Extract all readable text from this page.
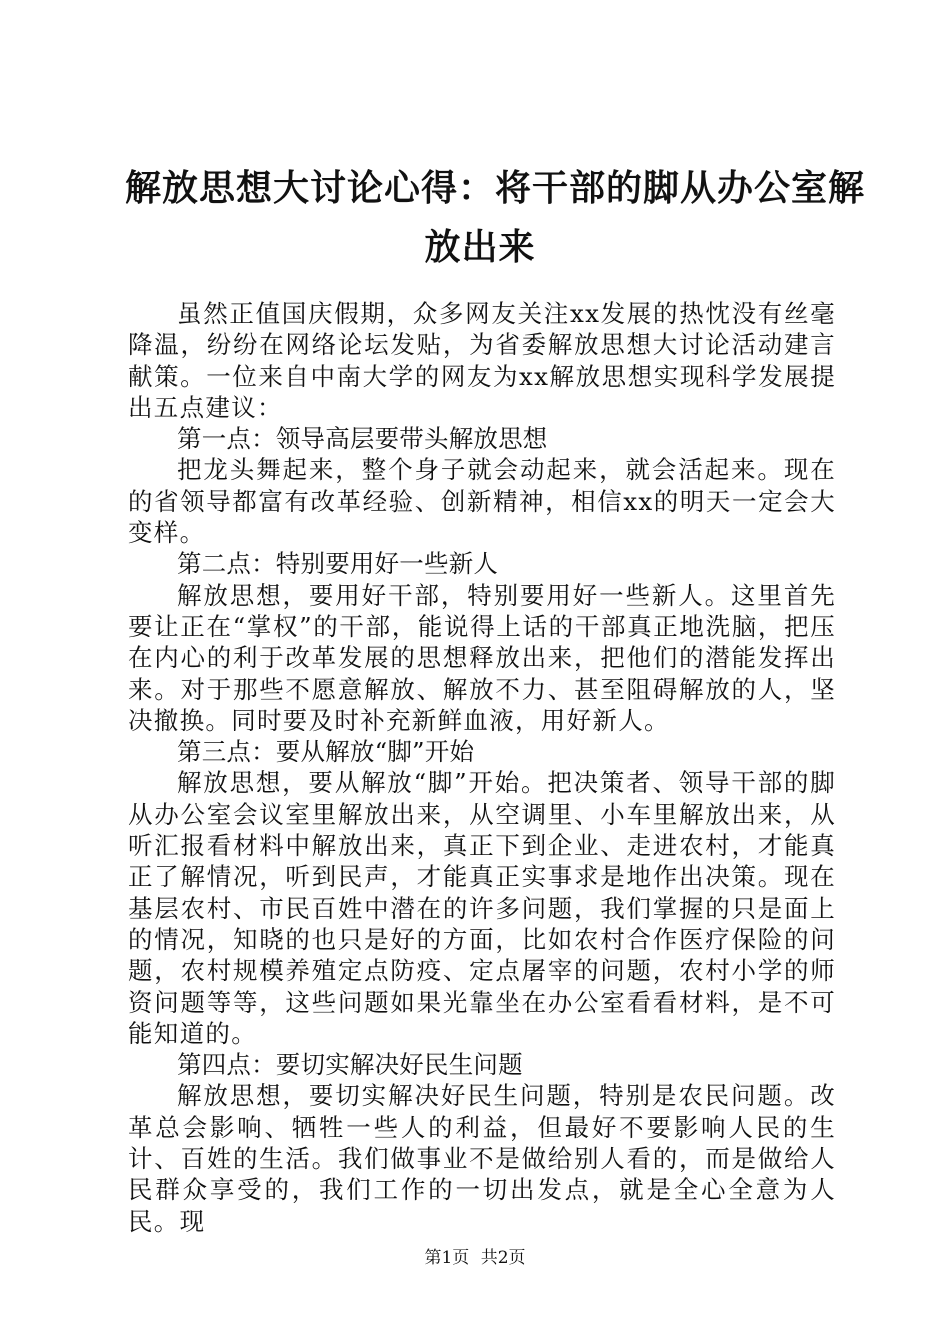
解放思想大讨论心得：将干部的脚从办公室解
放出来

虽然正值国庆假期，众多网友关注xx发展的热忱没有丝毫降温，纷纷在网络论坛发贴，为省委解放思想大讨论活动建言献策。一位来自中南大学的网友为xx解放思想实现科学发展提出五点建议：

第一点：领导高层要带头解放思想

把龙头舞起来，整个身子就会动起来，就会活起来。现在的省领导都富有改革经验、创新精神，相信xx的明天一定会大变样。

第二点：特别要用好一些新人

解放思想，要用好干部，特别要用好一些新人。这里首先要让正在“掌权”的干部，能说得上话的干部真正地洗脑，把压在内心的利于改革发展的思想释放出来，把他们的潜能发挥出来。对于那些不愿意解放、解放不力、甚至阻碍解放的人，坚决撤换。同时要及时补充新鲜血液，用好新人。

第三点：要从解放“脚”开始

解放思想，要从解放“脚”开始。把决策者、领导干部的脚从办公室会议室里解放出来，从空调里、小车里解放出来，从听汇报看材料中解放出来，真正下到企业、走进农村，才能真正了解情况，听到民声，才能真正实事求是地作出决策。现在基层农村、市民百姓中潜在的许多问题，我们掌握的只是面上的情况，知晓的也只是好的方面，比如农村合作医疗保险的问题，农村规模养殖定点防疫、定点屠宰的问题，农村小学的师资问题等等，这些问题如果光靠坐在办公室看看材料，是不可能知道的。

第四点：要切实解决好民生问题

解放思想，要切实解决好民生问题，特别是农民问题。改革总会影响、牺牲一些人的利益，但最好不要影响人民的生计、百姓的生活。我们做事业不是做给别人看的，而是做给人民群众享受的，我们工作的一切出发点，就是全心全意为人民。现

第1页 共2页
